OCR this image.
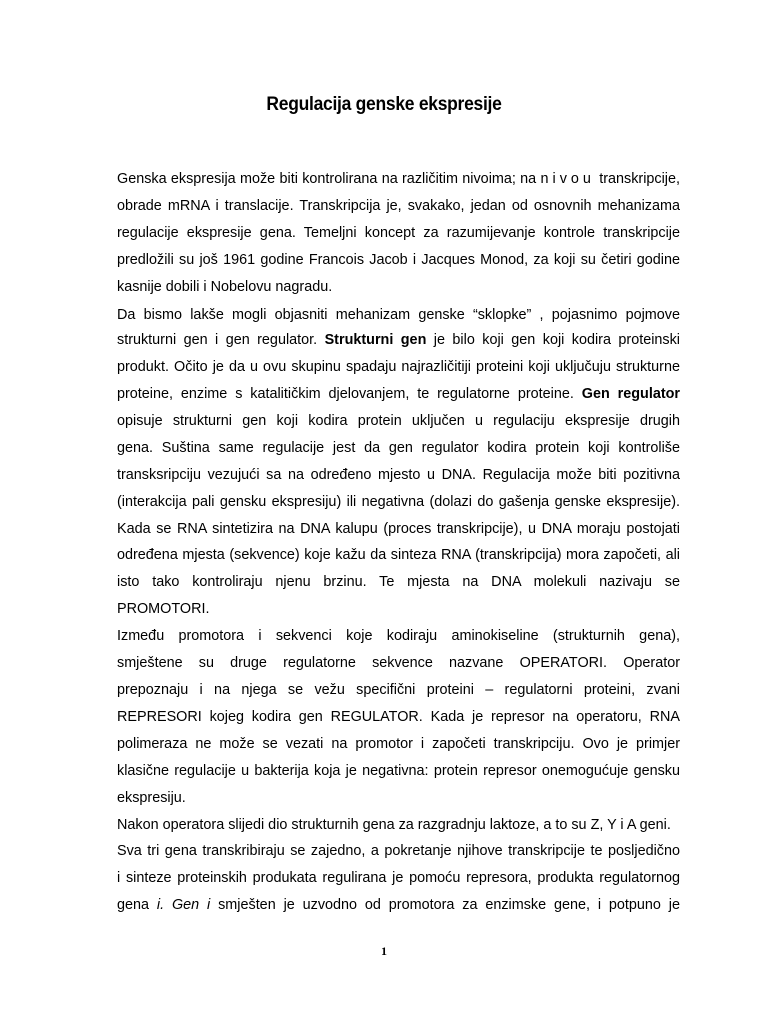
Regulacija genske ekspresije
Genska ekspresija može biti kontrolirana na različitim nivoima; na nivou transkripcije,
obrade mRNA i translacije. Transkripcija je, svakako, jedan od osnovnih mehanizama
regulacije ekspresije gena. Temeljni koncept za razumijevanje kontrole transkripcije
predložili su još 1961 godine Francois Jacob i Jacques Monod, za koji su četiri godine
kasnije dobili i Nobelovu nagradu.
Da bismo lakše mogli objasniti mehanizam genske “sklopke” , pojasnimo pojmove
strukturni gen i gen regulator. Strukturni gen je bilo koji gen koji kodira proteinski
produkt. Očito je da u ovu skupinu spadaju najrazličitiji proteini koji uključuju strukturne
proteine, enzime s katalitičkim djelovanjem, te regulatorne proteine. Gen regulator
opisuje strukturni gen koji kodira protein uključen u regulaciju ekspresije drugih
gena. Suština same regulacije jest da gen regulator kodira protein koji kontroliše
transksripciju vezujući sa na određeno mjesto u DNA. Regulacija može biti pozitivna
(interakcija pali gensku ekspresiju) ili negativna (dolazi do gašenja genske ekspresije).
Kada se RNA sintetizira na DNA kalupu (proces transkripcije), u DNA moraju postojati
određena mjesta (sekvence) koje kažu da sinteza RNA (transkripcija) mora započeti, ali
isto tako kontroliraju njenu brzinu. Te mjesta na DNA molekuli nazivaju se
PROMOTORI.
Između promotora i sekvenci koje kodiraju aminokiseline (strukturnih gena),
smještene su druge regulatorne sekvence nazvane OPERATORI. Operator
prepoznaju i na njega se vežu specifični proteini – regulatorni proteini, zvani
REPRESORI kojeg kodira gen REGULATOR. Kada je represor na operatoru, RNA
polimeraza ne može se vezati na promotor i započeti transkripciju. Ovo je primjer
klasične regulacije u bakterija koja je negativna: protein represor onemogućuje gensku
ekspresiju.
Nakon operatora slijedi dio strukturnih gena za razgradnju laktoze, a to su Z, Y i A geni.
Sva tri gena transkribiraju se zajedno, a pokretanje njihove transkripcije te posljedično
i sinteze proteinskih produkata regulirana je pomoću represora, produkta regulatornog
gena i. Gen i smješten je uzvodno od promotora za enzimske gene, i potpuno je
1
